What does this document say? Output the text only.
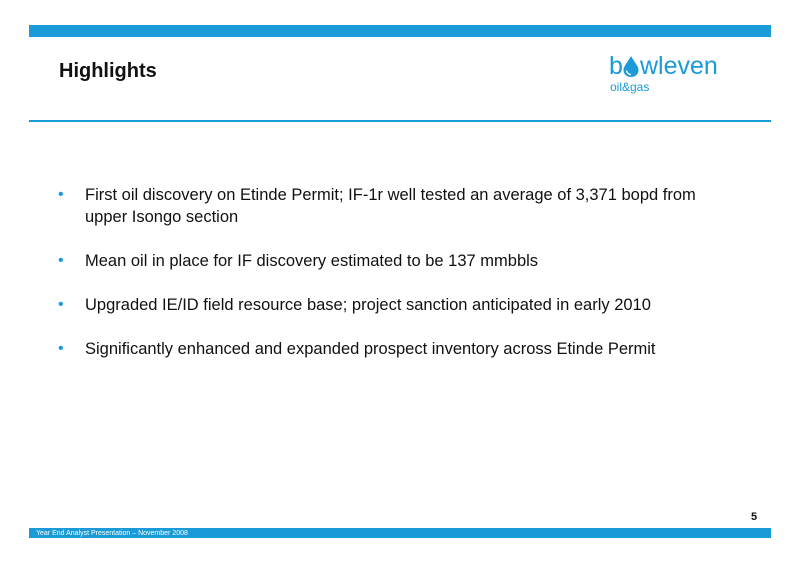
Highlights	b wleven
oil&gas
• First oil discovery on Etinde Permit; IF-1r well tested an average of 3,371 bopd from upper Isongo section
• Mean oil in place for IF discovery estimated to be 137 mmbbls
• Upgraded IE/ID field resource base; project sanction anticipated in early 2010
• Significantly enhanced and expanded prospect inventory across Etinde Permit
5
Year End Analyst Presentation – November 2008
